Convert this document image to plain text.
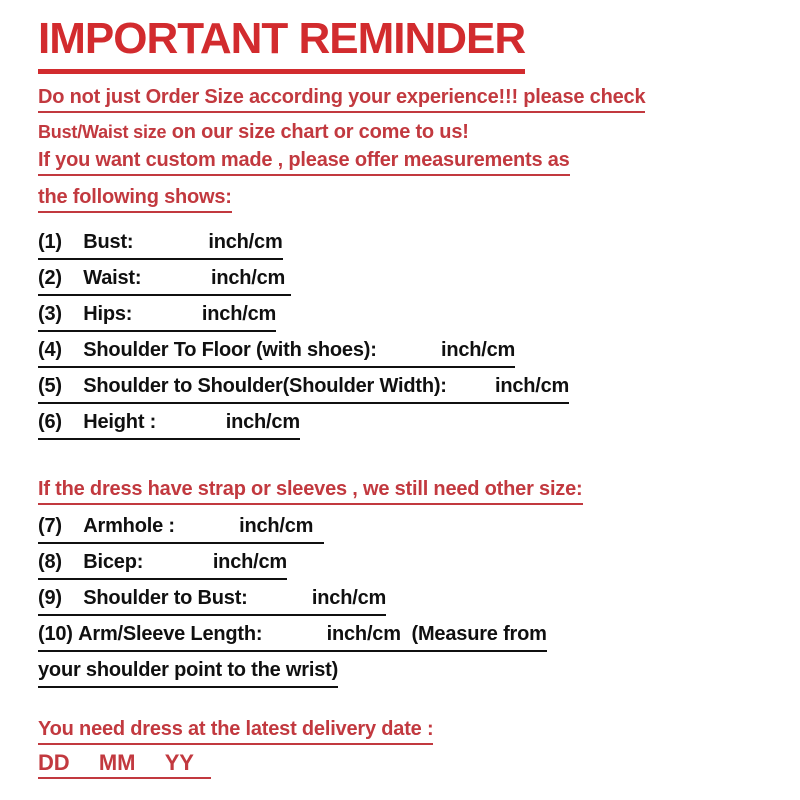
IMPORTANT REMINDER
Do not just Order Size according your experience!!! please check
Bust/Waist size on our size chart or come to us!
If you want custom made , please offer measurements as
the following shows:
(1)    Bust:              inch/cm
(2)    Waist:             inch/cm
(3)    Hips:             inch/cm
(4)    Shoulder To Floor (with shoes):            inch/cm
(5)    Shoulder to Shoulder(Shoulder Width):         inch/cm
(6)    Height :             inch/cm
If the dress have strap or sleeves , we still need other size:
(7)    Armhole :            inch/cm
(8)    Bicep:             inch/cm
(9)    Shoulder to Bust:            inch/cm
(10) Arm/Sleeve Length:            inch/cm  (Measure from
your shoulder point to the wrist)
You need dress at the latest delivery date :
DD     MM     YY
